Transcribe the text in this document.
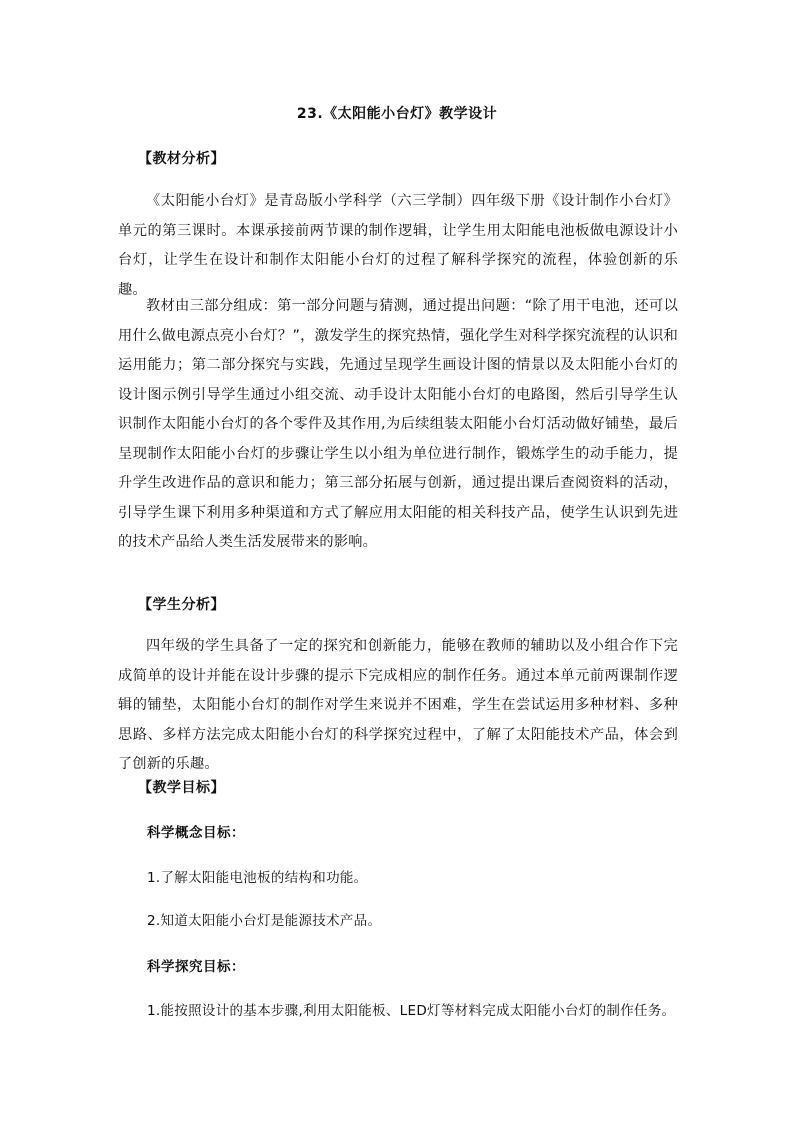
23.《太阳能小台灯》教学设计
【教材分析】
《太阳能小台灯》是青岛版小学科学（六三学制）四年级下册《设计制作小台灯》单元的第三课时。本课承接前两节课的制作逻辑，让学生用太阳能电池板做电源设计小台灯，让学生在设计和制作太阳能小台灯的过程了解科学探究的流程，体验创新的乐趣。
教材由三部分组成：第一部分问题与猜测，通过提出问题：“除了用干电池，还可以用什么做电源点亮小台灯？”，激发学生的探究热情，强化学生对科学探究流程的认识和运用能力；第二部分探究与实践，先通过呈现学生画设计图的情景以及太阳能小台灯的设计图示例引导学生通过小组交流、动手设计太阳能小台灯的电路图，然后引导学生认识制作太阳能小台灯的各个零件及其作用,为后续组装太阳能小台灯活动做好铺垫，最后呈现制作太阳能小台灯的步骤让学生以小组为单位进行制作，锻炼学生的动手能力，提升学生改进作品的意识和能力；第三部分拓展与创新，通过提出课后查阅资料的活动，引导学生课下利用多种渠道和方式了解应用太阳能的相关科技产品，使学生认识到先进的技术产品给人类生活发展带来的影响。
【学生分析】
四年级的学生具备了一定的探究和创新能力，能够在教师的辅助以及小组合作下完成简单的设计并能在设计步骤的提示下完成相应的制作任务。通过本单元前两课制作逻辑的铺垫，太阳能小台灯的制作对学生来说并不困难，学生在尝试运用多种材料、多种思路、多样方法完成太阳能小台灯的科学探究过程中，了解了太阳能技术产品，体会到了创新的乐趣。
【教学目标】
科学概念目标：
1.了解太阳能电池板的结构和功能。
2.知道太阳能小台灯是能源技术产品。
科学探究目标：
1.能按照设计的基本步骤,利用太阳能板、LED灯等材料完成太阳能小台灯的制作任务。
